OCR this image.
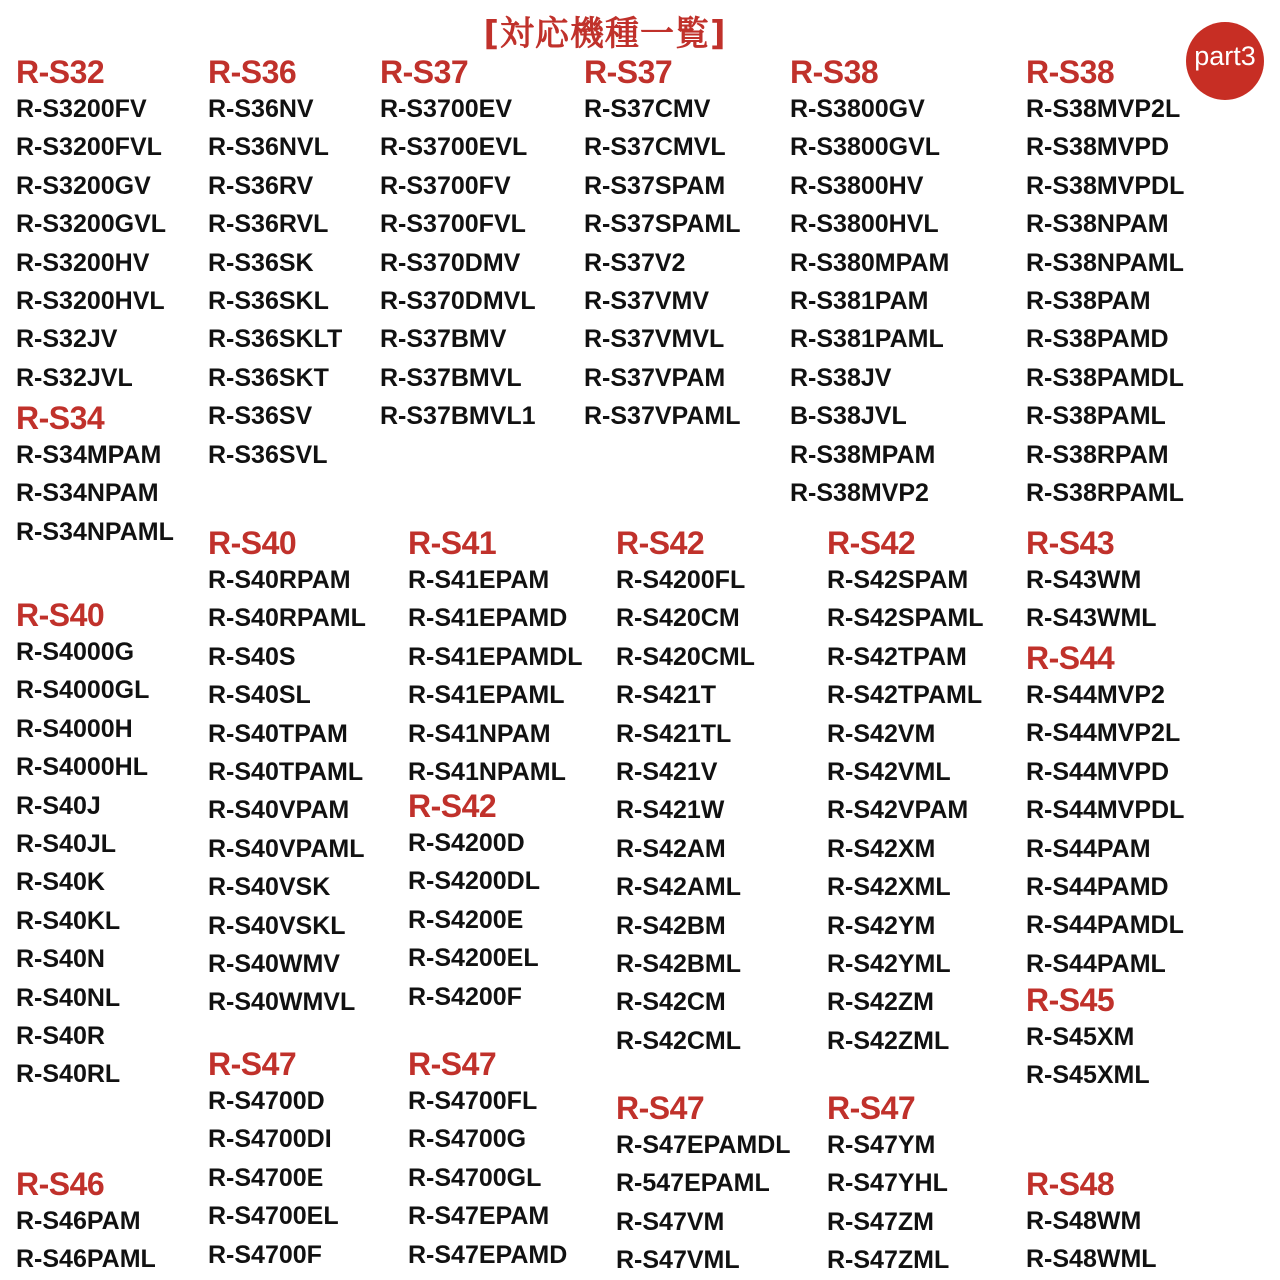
[対応機種一覧]
part3
R-S32
R-S3200FV
R-S3200FVL
R-S3200GV
R-S3200GVL
R-S3200HV
R-S3200HVL
R-S32JV
R-S32JVL
R-S34
R-S34MPAM
R-S34NPAM
R-S34NPAML
R-S40
R-S4000G
R-S4000GL
R-S4000H
R-S4000HL
R-S40J
R-S40JL
R-S40K
R-S40KL
R-S40N
R-S40NL
R-S40R
R-S40RL
R-S46
R-S46PAM
R-S46PAML
R-S36
R-S36NV
R-S36NVL
R-S36RV
R-S36RVL
R-S36SK
R-S36SKL
R-S36SKLT
R-S36SKT
R-S36SV
R-S36SVL
R-S40
R-S40RPAM
R-S40RPAML
R-S40S
R-S40SL
R-S40TPAM
R-S40TPAML
R-S40VPAM
R-S40VPAML
R-S40VSK
R-S40VSKL
R-S40WMV
R-S40WMVL
R-S47
R-S4700D
R-S4700DI
R-S4700E
R-S4700EL
R-S4700F
R-S37
R-S3700EV
R-S3700EVL
R-S3700FV
R-S3700FVL
R-S370DMV
R-S370DMVL
R-S37BMV
R-S37BMVL
R-S37BMVL1
R-S41
R-S41EPAM
R-S41EPAMD
R-S41EPAMDL
R-S41EPAML
R-S41NPAM
R-S41NPAML
R-S42
R-S4200D
R-S4200DL
R-S4200E
R-S4200EL
R-S4200F
R-S47
R-S4700FL
R-S4700G
R-S4700GL
R-S47EPAM
R-S47EPAMD
R-S37
R-S37CMV
R-S37CMVL
R-S37SPAM
R-S37SPAML
R-S37V2
R-S37VMV
R-S37VMVL
R-S37VPAM
R-S37VPAML
R-S42
R-S4200FL
R-S420CM
R-S420CML
R-S421T
R-S421TL
R-S421V
R-S421W
R-S42AM
R-S42AML
R-S42BM
R-S42BML
R-S42CM
R-S42CML
R-S47
R-S47EPAMDL
R-547EPAML
R-S47VM
R-S47VML
R-S38
R-S3800GV
R-S3800GVL
R-S3800HV
R-S3800HVL
R-S380MPAM
R-S381PAM
R-S381PAML
R-S38JV
B-S38JVL
R-S38MPAM
R-S38MVP2
R-S42
R-S42SPAM
R-S42SPAML
R-S42TPAM
R-S42TPAML
R-S42VM
R-S42VML
R-S42VPAM
R-S42XM
R-S42XML
R-S42YM
R-S42YML
R-S42ZM
R-S42ZML
R-S47
R-S47YM
R-S47YHL
R-S47ZM
R-S47ZML
R-S38
R-S38MVP2L
R-S38MVPD
R-S38MVPDL
R-S38NPAM
R-S38NPAML
R-S38PAM
R-S38PAMD
R-S38PAMDL
R-S38PAML
R-S38RPAM
R-S38RPAML
R-S43
R-S43WM
R-S43WML
R-S44
R-S44MVP2
R-S44MVP2L
R-S44MVPD
R-S44MVPDL
R-S44PAM
R-S44PAMD
R-S44PAMDL
R-S44PAML
R-S45
R-S45XM
R-S45XML
R-S48
R-S48WM
R-S48WML
